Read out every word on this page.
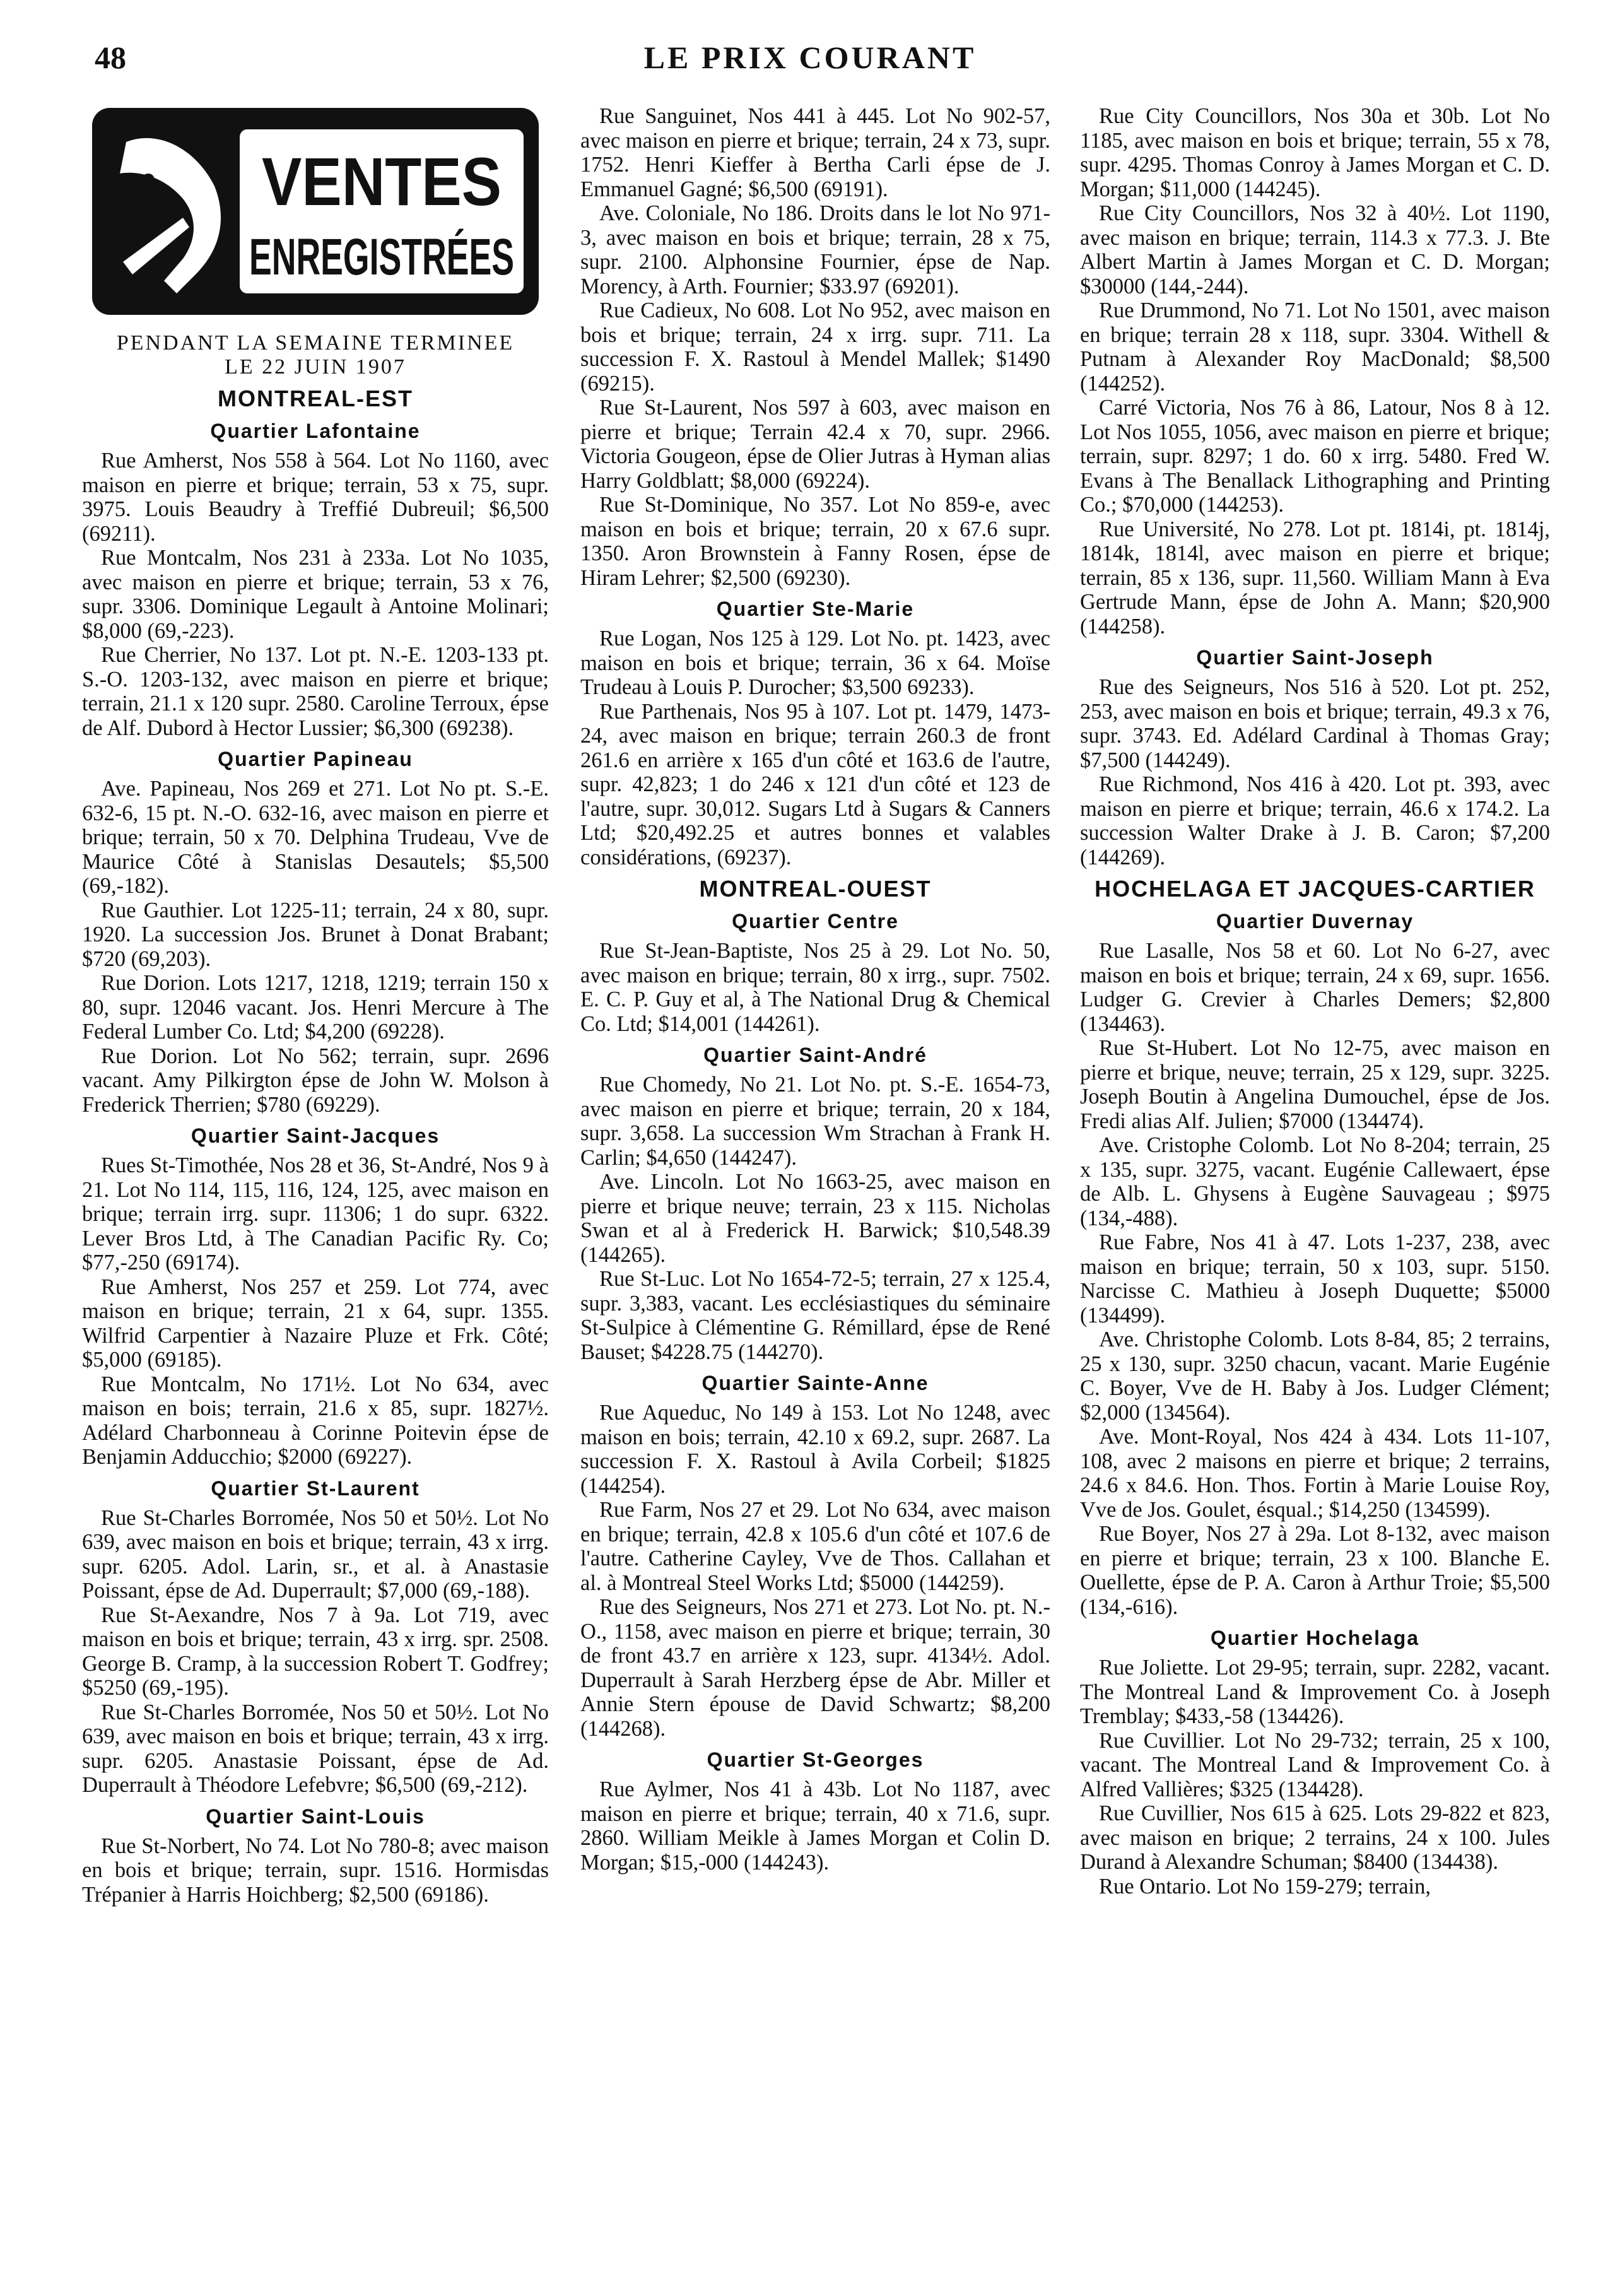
48	LE PRIX COURANT
VENTES
ENREGISTRÉES

PENDANT LA SEMAINE TERMINEE

LE 22 JUIN 1907

MONTREAL-EST
Quartier Lafontaine

Rue Amherst, Nos 558 à 564. Lot No 1160, avec maison en pierre et brique; terrain, 53 x 75, supr. 3975. Louis Beaudry à Treffié Dubreuil; $6,500 (69211).

Rue Montcalm, Nos 231 à 233a. Lot No 1035, avec maison en pierre et brique; terrain, 53 x 76, supr. 3306. Dominique Legault à Antoine Molinari; $8,000 (69,-223).

Rue Cherrier, No 137. Lot pt. N.-E. 1203-133 pt. S.-O. 1203-132, avec maison en pierre et brique; terrain, 21.1 x 120 supr. 2580. Caroline Terroux, épse de Alf. Dubord à Hector Lussier; $6,300 (69238).

Quartier Papineau

Ave. Papineau, Nos 269 et 271. Lot No pt. S.-E. 632-6, 15 pt. N.-O. 632-16, avec maison en pierre et brique; terrain, 50 x 70. Delphina Trudeau, Vve de Maurice Côté à Stanislas Desautels; $5,500 (69,-182).

Rue Gauthier. Lot 1225-11; terrain, 24 x 80, supr. 1920. La succession Jos. Brunet à Donat Brabant; $720 (69,203).

Rue Dorion. Lots 1217, 1218, 1219; terrain 150 x 80, supr. 12046 vacant. Jos. Henri Mercure à The Federal Lumber Co. Ltd; $4,200 (69228).

Rue Dorion. Lot No 562; terrain, supr. 2696 vacant. Amy Pilkirgton épse de John W. Molson à Frederick Therrien; $780 (69229).

Quartier Saint-Jacques

Rues St-Timothée, Nos 28 et 36, St-André, Nos 9 à 21. Lot No 114, 115, 116, 124, 125, avec maison en brique; terrain irrg. supr. 11306; 1 do supr. 6322. Lever Bros Ltd, à The Canadian Pacific Ry. Co; $77,-250 (69174).

Rue Amherst, Nos 257 et 259. Lot 774, avec maison en brique; terrain, 21 x 64, supr. 1355. Wilfrid Carpentier à Nazaire Pluze et Frk. Côté; $5,000 (69185).

Rue Montcalm, No 171½. Lot No 634, avec maison en bois; terrain, 21.6 x 85, supr. 1827½. Adélard Charbonneau à Corinne Poitevin épse de Benjamin Adducchio; $2000 (69227).

Quartier St-Laurent

Rue St-Charles Borromée, Nos 50 et 50½. Lot No 639, avec maison en bois et brique; terrain, 43 x irrg. supr. 6205. Adol. Larin, sr., et al. à Anastasie Poissant, épse de Ad. Duperrault; $7,000 (69,-188).

Rue St-Aexandre, Nos 7 à 9a. Lot 719, avec maison en bois et brique; terrain, 43 x irrg. spr. 2508. George B. Cramp, à la succession Robert T. Godfrey; $5250 (69,-195).

Rue St-Charles Borromée, Nos 50 et 50½. Lot No 639, avec maison en bois et brique; terrain, 43 x irrg. supr. 6205. Anastasie Poissant, épse de Ad. Duperrault à Théodore Lefebvre; $6,500 (69,-212).

Quartier Saint-Louis

Rue St-Norbert, No 74. Lot No 780-8; avec maison en bois et brique; terrain, supr. 1516. Hormisdas Trépanier à Harris Hoichberg; $2,500 (69186).

Rue Sanguinet, Nos 441 à 445. Lot No 902-57, avec maison en pierre et brique; terrain, 24 x 73, supr. 1752. Henri Kieffer à Bertha Carli épse de J. Emmanuel Gagné; $6,500 (69191).

Ave. Coloniale, No 186. Droits dans le lot No 971-3, avec maison en bois et brique; terrain, 28 x 75, supr. 2100. Alphonsine Fournier, épse de Nap. Morency, à Arth. Fournier; $33.97 (69201).

Rue Cadieux, No 608. Lot No 952, avec maison en bois et brique; terrain, 24 x irrg. supr. 711. La succession F. X. Rastoul à Mendel Mallek; $1490 (69215).

Rue St-Laurent, Nos 597 à 603, avec maison en pierre et brique; Terrain 42.4 x 70, supr. 2966. Victoria Gougeon, épse de Olier Jutras à Hyman alias Harry Goldblatt; $8,000 (69224).

Rue St-Dominique, No 357. Lot No 859-e, avec maison en bois et brique; terrain, 20 x 67.6 supr. 1350. Aron Brownstein à Fanny Rosen, épse de Hiram Lehrer; $2,500 (69230).

Quartier Ste-Marie

Rue Logan, Nos 125 à 129. Lot No. pt. 1423, avec maison en bois et brique; terrain, 36 x 64. Moïse Trudeau à Louis P. Durocher; $3,500 69233).

Rue Parthenais, Nos 95 à 107. Lot pt. 1479, 1473-24, avec maison en brique; terrain 260.3 de front 261.6 en arrière x 165 d'un côté et 163.6 de l'autre, supr. 42,823; 1 do 246 x 121 d'un côté et 123 de l'autre, supr. 30,012. Sugars Ltd à Sugars & Canners Ltd; $20,492.25 et autres bonnes et valables considérations, (69237).

MONTREAL-OUEST
Quartier Centre

Rue St-Jean-Baptiste, Nos 25 à 29. Lot No. 50, avec maison en brique; terrain, 80 x irrg., supr. 7502. E. C. P. Guy et al, à The National Drug & Chemical Co. Ltd; $14,001 (144261).

Quartier Saint-André

Rue Chomedy, No 21. Lot No. pt. S.-E. 1654-73, avec maison en pierre et brique; terrain, 20 x 184, supr. 3,658. La succession Wm Strachan à Frank H. Carlin; $4,650 (144247).

Ave. Lincoln. Lot No 1663-25, avec maison en pierre et brique neuve; terrain, 23 x 115. Nicholas Swan et al à Frederick H. Barwick; $10,548.39 (144265).

Rue St-Luc. Lot No 1654-72-5; terrain, 27 x 125.4, supr. 3,383, vacant. Les ecclésiastiques du séminaire St-Sulpice à Clémentine G. Rémillard, épse de René Bauset; $4228.75 (144270).

Quartier Sainte-Anne

Rue Aqueduc, No 149 à 153. Lot No 1248, avec maison en bois; terrain, 42.10 x 69.2, supr. 2687. La succession F. X. Rastoul à Avila Corbeil; $1825 (144254).

Rue Farm, Nos 27 et 29. Lot No 634, avec maison en brique; terrain, 42.8 x 105.6 d'un côté et 107.6 de l'autre. Catherine Cayley, Vve de Thos. Callahan et al. à Montreal Steel Works Ltd; $5000 (144259).

Rue des Seigneurs, Nos 271 et 273. Lot No. pt. N.-O., 1158, avec maison en pierre et brique; terrain, 30 de front 43.7 en arrière x 123, supr. 4134½. Adol. Duperrault à Sarah Herzberg épse de Abr. Miller et Annie Stern épouse de David Schwartz; $8,200 (144268).

Quartier St-Georges

Rue Aylmer, Nos 41 à 43b. Lot No 1187, avec maison en pierre et brique; terrain, 40 x 71.6, supr. 2860. William Meikle à James Morgan et Colin D. Morgan; $15,-000 (144243).

Rue City Councillors, Nos 30a et 30b. Lot No 1185, avec maison en bois et brique; terrain, 55 x 78, supr. 4295. Thomas Conroy à James Morgan et C. D. Morgan; $11,000 (144245).

Rue City Councillors, Nos 32 à 40½. Lot 1190, avec maison en brique; terrain, 114.3 x 77.3. J. Bte Albert Martin à James Morgan et C. D. Morgan; $30000 (144,-244).

Rue Drummond, No 71. Lot No 1501, avec maison en brique; terrain 28 x 118, supr. 3304. Withell & Putnam à Alexander Roy MacDonald; $8,500 (144252).

Carré Victoria, Nos 76 à 86, Latour, Nos 8 à 12. Lot Nos 1055, 1056, avec maison en pierre et brique; terrain, supr. 8297; 1 do. 60 x irrg. 5480. Fred W. Evans à The Benallack Lithographing and Printing Co.; $70,000 (144253).

Rue Université, No 278. Lot pt. 1814i, pt. 1814j, 1814k, 1814l, avec maison en pierre et brique; terrain, 85 x 136, supr. 11,560. William Mann à Eva Gertrude Mann, épse de John A. Mann; $20,900 (144258).

Quartier Saint-Joseph

Rue des Seigneurs, Nos 516 à 520. Lot pt. 252, 253, avec maison en bois et brique; terrain, 49.3 x 76, supr. 3743. Ed. Adélard Cardinal à Thomas Gray; $7,500 (144249).

Rue Richmond, Nos 416 à 420. Lot pt. 393, avec maison en pierre et brique; terrain, 46.6 x 174.2. La succession Walter Drake à J. B. Caron; $7,200 (144269).

HOCHELAGA ET JACQUES-CARTIER
Quartier Duvernay

Rue Lasalle, Nos 58 et 60. Lot No 6-27, avec maison en bois et brique; terrain, 24 x 69, supr. 1656. Ludger G. Crevier à Charles Demers; $2,800 (134463).

Rue St-Hubert. Lot No 12-75, avec maison en pierre et brique, neuve; terrain, 25 x 129, supr. 3225. Joseph Boutin à Angelina Dumouchel, épse de Jos. Fredi alias Alf. Julien; $7000 (134474).

Ave. Cristophe Colomb. Lot No 8-204; terrain, 25 x 135, supr. 3275, vacant. Eugénie Callewaert, épse de Alb. L. Ghysens à Eugène Sauvageau ; $975 (134,-488).

Rue Fabre, Nos 41 à 47. Lots 1-237, 238, avec maison en brique; terrain, 50 x 103, supr. 5150. Narcisse C. Mathieu à Joseph Duquette; $5000 (134499).

Ave. Christophe Colomb. Lots 8-84, 85; 2 terrains, 25 x 130, supr. 3250 chacun, vacant. Marie Eugénie C. Boyer, Vve de H. Baby à Jos. Ludger Clément; $2,000 (134564).

Ave. Mont-Royal, Nos 424 à 434. Lots 11-107, 108, avec 2 maisons en pierre et brique; 2 terrains, 24.6 x 84.6. Hon. Thos. Fortin à Marie Louise Roy, Vve de Jos. Goulet, ésqual.; $14,250 (134599).

Rue Boyer, Nos 27 à 29a. Lot 8-132, avec maison en pierre et brique; terrain, 23 x 100. Blanche E. Ouellette, épse de P. A. Caron à Arthur Troie; $5,500 (134,-616).

Quartier Hochelaga

Rue Joliette. Lot 29-95; terrain, supr. 2282, vacant. The Montreal Land & Improvement Co. à Joseph Tremblay; $433,-58 (134426).

Rue Cuvillier. Lot No 29-732; terrain, 25 x 100, vacant. The Montreal Land & Improvement Co. à Alfred Vallières; $325 (134428).

Rue Cuvillier, Nos 615 à 625. Lots 29-822 et 823, avec maison en brique; 2 terrains, 24 x 100. Jules Durand à Alexandre Schuman; $8400 (134438).

Rue Ontario. Lot No 159-279; terrain,
